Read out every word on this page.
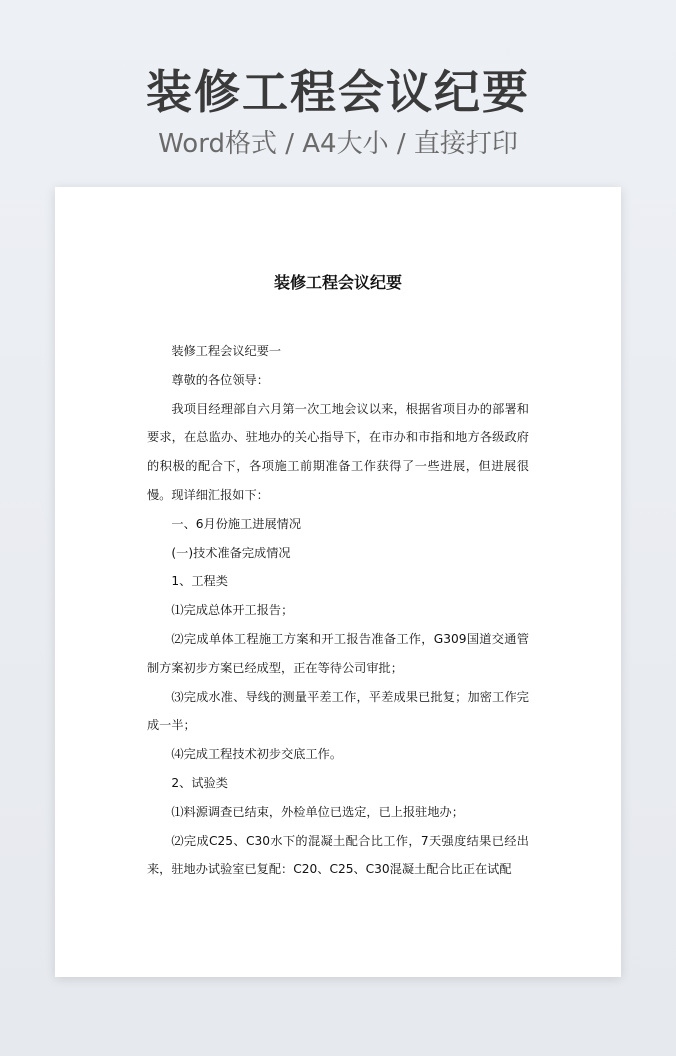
装修工程会议纪要
Word格式 / A4大小 / 直接打印
装修工程会议纪要

装修工程会议纪要一

尊敬的各位领导：

我项目经理部自六月第一次工地会议以来，根据省项目办的部署和要求，在总监办、驻地办的关心指导下，在市办和市指和地方各级政府的积极的配合下，各项施工前期准备工作获得了一些进展，但进展很慢。现详细汇报如下：

一、6月份施工进展情况

(一)技术准备完成情况

1、工程类

⑴完成总体开工报告；

⑵完成单体工程施工方案和开工报告准备工作，G309国道交通管制方案初步方案已经成型，正在等待公司审批；

⑶完成水准、导线的测量平差工作，平差成果已批复；加密工作完成一半；

⑷完成工程技术初步交底工作。

2、试验类

⑴料源调查已结束，外检单位已选定，已上报驻地办；

⑵完成C25、C30水下的混凝土配合比工作，7天强度结果已经出来，驻地办试验室已复配：C20、C25、C30混凝土配合比正在试配
